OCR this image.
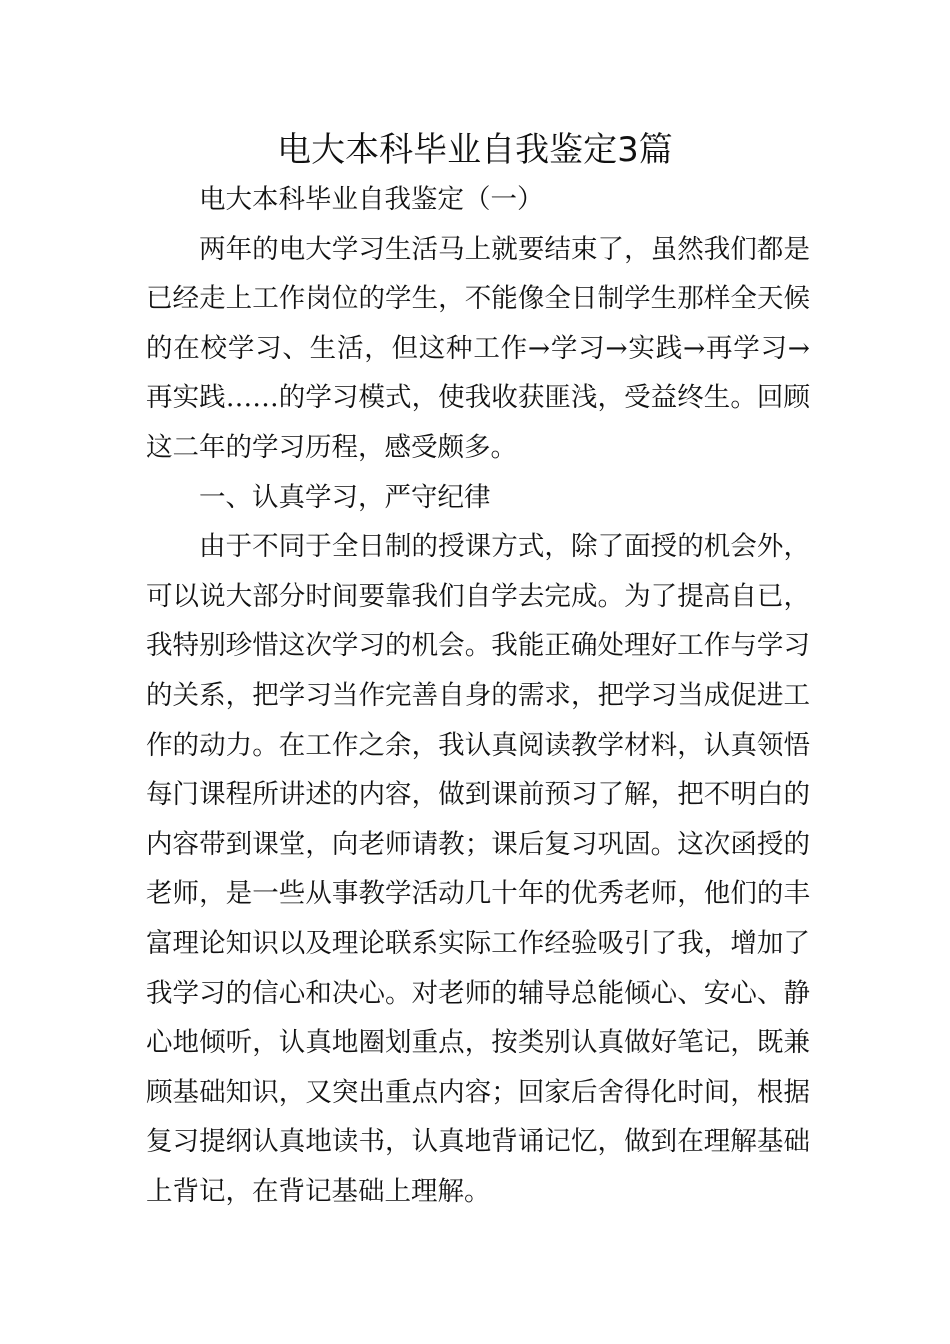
电大本科毕业自我鉴定3篇

电大本科毕业自我鉴定（一）

两年的电大学习生活马上就要结束了，虽然我们都是已经走上工作岗位的学生，不能像全日制学生那样全天候的在校学习、生活，但这种工作→学习→实践→再学习→再实践……的学习模式，使我收获匪浅，受益终生。回顾这二年的学习历程，感受颇多。

一、认真学习，严守纪律

由于不同于全日制的授课方式，除了面授的机会外，可以说大部分时间要靠我们自学去完成。为了提高自已，我特别珍惜这次学习的机会。我能正确处理好工作与学习的关系，把学习当作完善自身的需求，把学习当成促进工作的动力。在工作之余，我认真阅读教学材料，认真领悟每门课程所讲述的内容，做到课前预习了解，把不明白的内容带到课堂，向老师请教；课后复习巩固。这次函授的老师，是一些从事教学活动几十年的优秀老师，他们的丰富理论知识以及理论联系实际工作经验吸引了我，增加了我学习的信心和决心。对老师的辅导总能倾心、安心、静心地倾听，认真地圈划重点，按类别认真做好笔记，既兼顾基础知识，又突出重点内容；回家后舍得化时间，根据复习提纲认真地读书，认真地背诵记忆，做到在理解基础上背记，在背记基础上理解。
